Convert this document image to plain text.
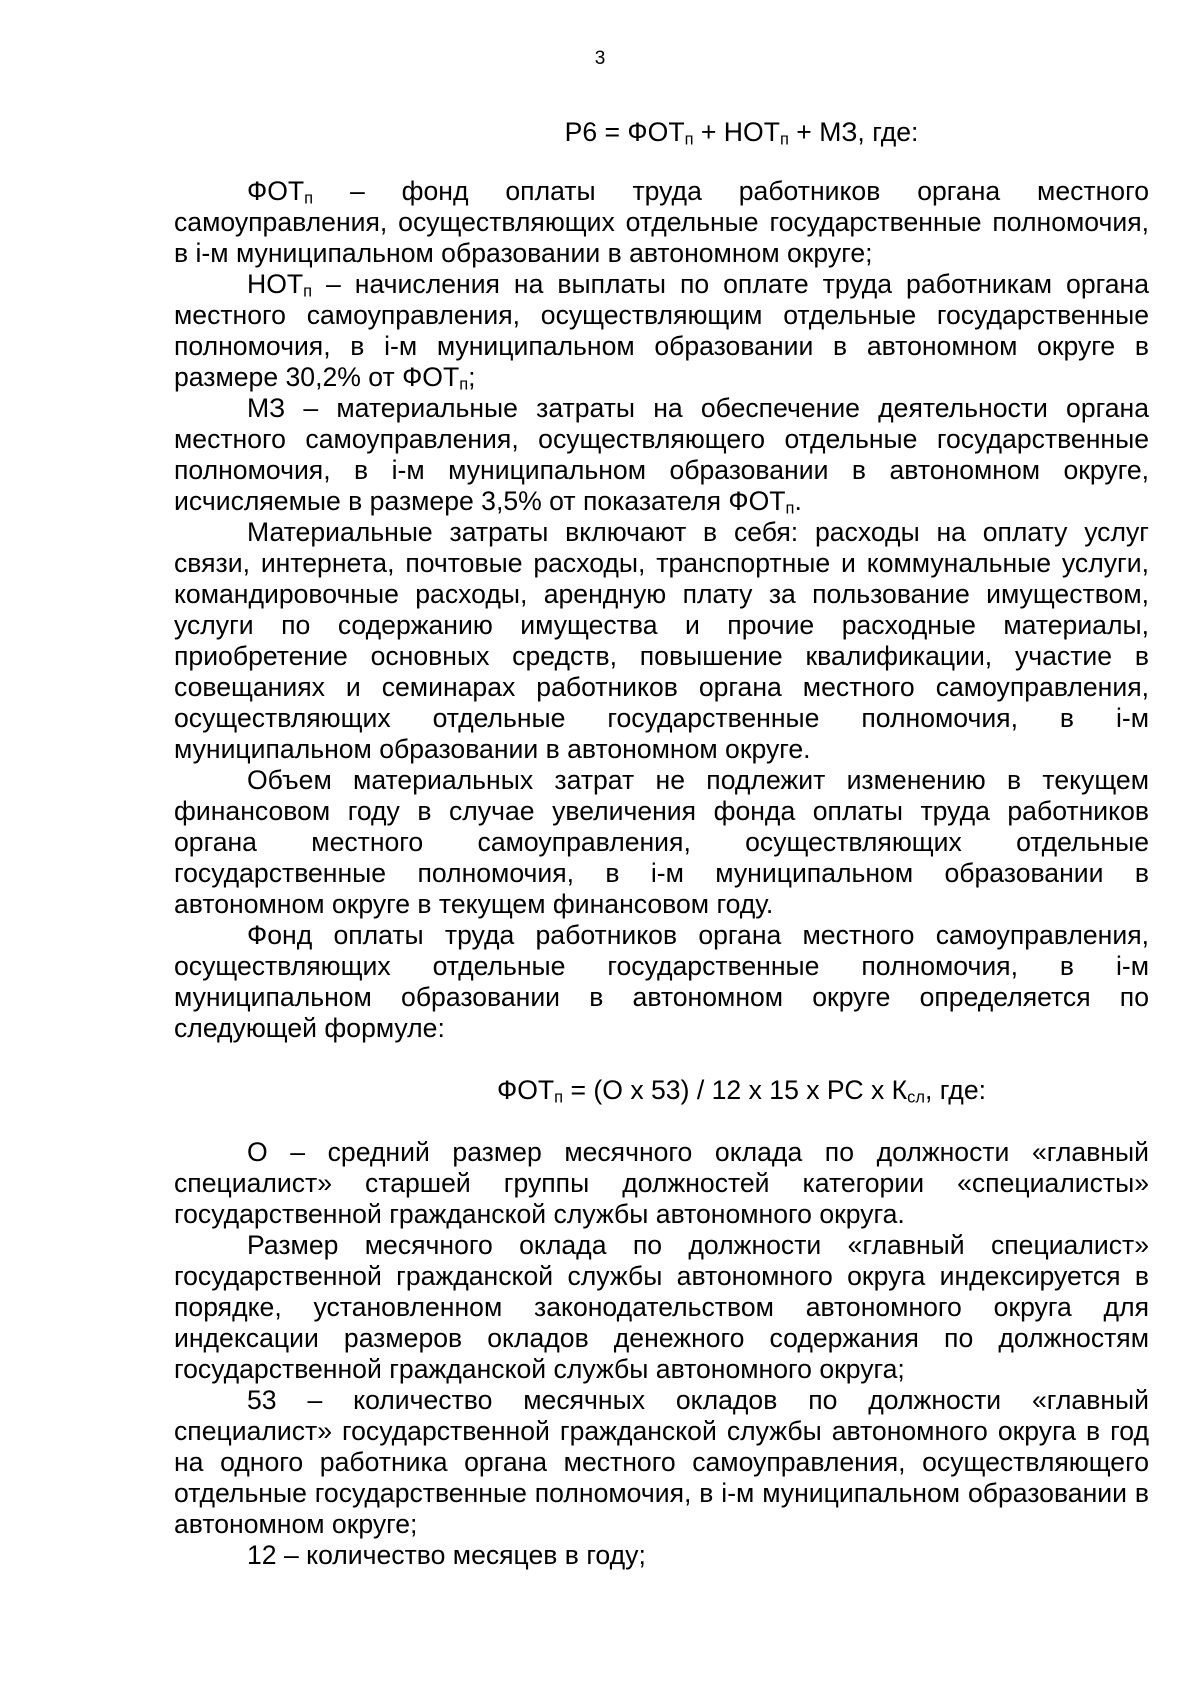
3

$Р6 = ФОТ_п + НОТ_п$ + МЗ, где:

$ФОТ_п$ – фонд оплаты труда работников органа местного самоуправления, осуществляющих отдельные государственные полномочия, в i-м муниципальном образовании в автономном округе;

$НОТ_п$ – начисления на выплаты по оплате труда работникам органа местного самоуправления, осуществляющим отдельные государственные полномочия, в i-м муниципальном образовании в автономном округе в размере 30,2% от $ФОТ_п$;

МЗ – материальные затраты на обеспечение деятельности органа местного самоуправления, осуществляющего отдельные государственные полномочия, в i-м муниципальном образовании в автономном округе, исчисляемые в размере 3,5% от показателя $ФОТ_п$.

Материальные затраты включают в себя: расходы на оплату услуг связи, интернета, почтовые расходы, транспортные и коммунальные услуги, командировочные расходы, арендную плату за пользование имуществом, услуги по содержанию имущества и прочие расходные материалы, приобретение основных средств, повышение квалификации, участие в совещаниях и семинарах работников органа местного самоуправления, осуществляющих отдельные государственные полномочия, в i-м муниципальном образовании в автономном округе.

Объем материальных затрат не подлежит изменению в текущем финансовом году в случае увеличения фонда оплаты труда работников органа местного самоуправления, осуществляющих отдельные государственные полномочия, в i-м муниципальном образовании в автономном округе в текущем финансовом году.

Фонд оплаты труда работников органа местного самоуправления, осуществляющих отдельные государственные полномочия, в i-м муниципальном образовании в автономном округе определяется по следующей формуле:

$ФОТ_п = (О$ x 53) / 12 x 15 x РС x $К_{сл}$, где:

О – средний размер месячного оклада по должности «главный специалист» старшей группы должностей категории «специалисты» государственной гражданской службы автономного округа.

Размер месячного оклада по должности «главный специалист» государственной гражданской службы автономного округа индексируется в порядке, установленном законодательством автономного округа для индексации размеров окладов денежного содержания по должностям государственной гражданской службы автономного округа;

53 – количество месячных окладов по должности «главный специалист» государственной гражданской службы автономного округа в год на одного работника органа местного самоуправления, осуществляющего отдельные государственные полномочия, в i-м муниципальном образовании в автономном округе;

12 – количество месяцев в году;
